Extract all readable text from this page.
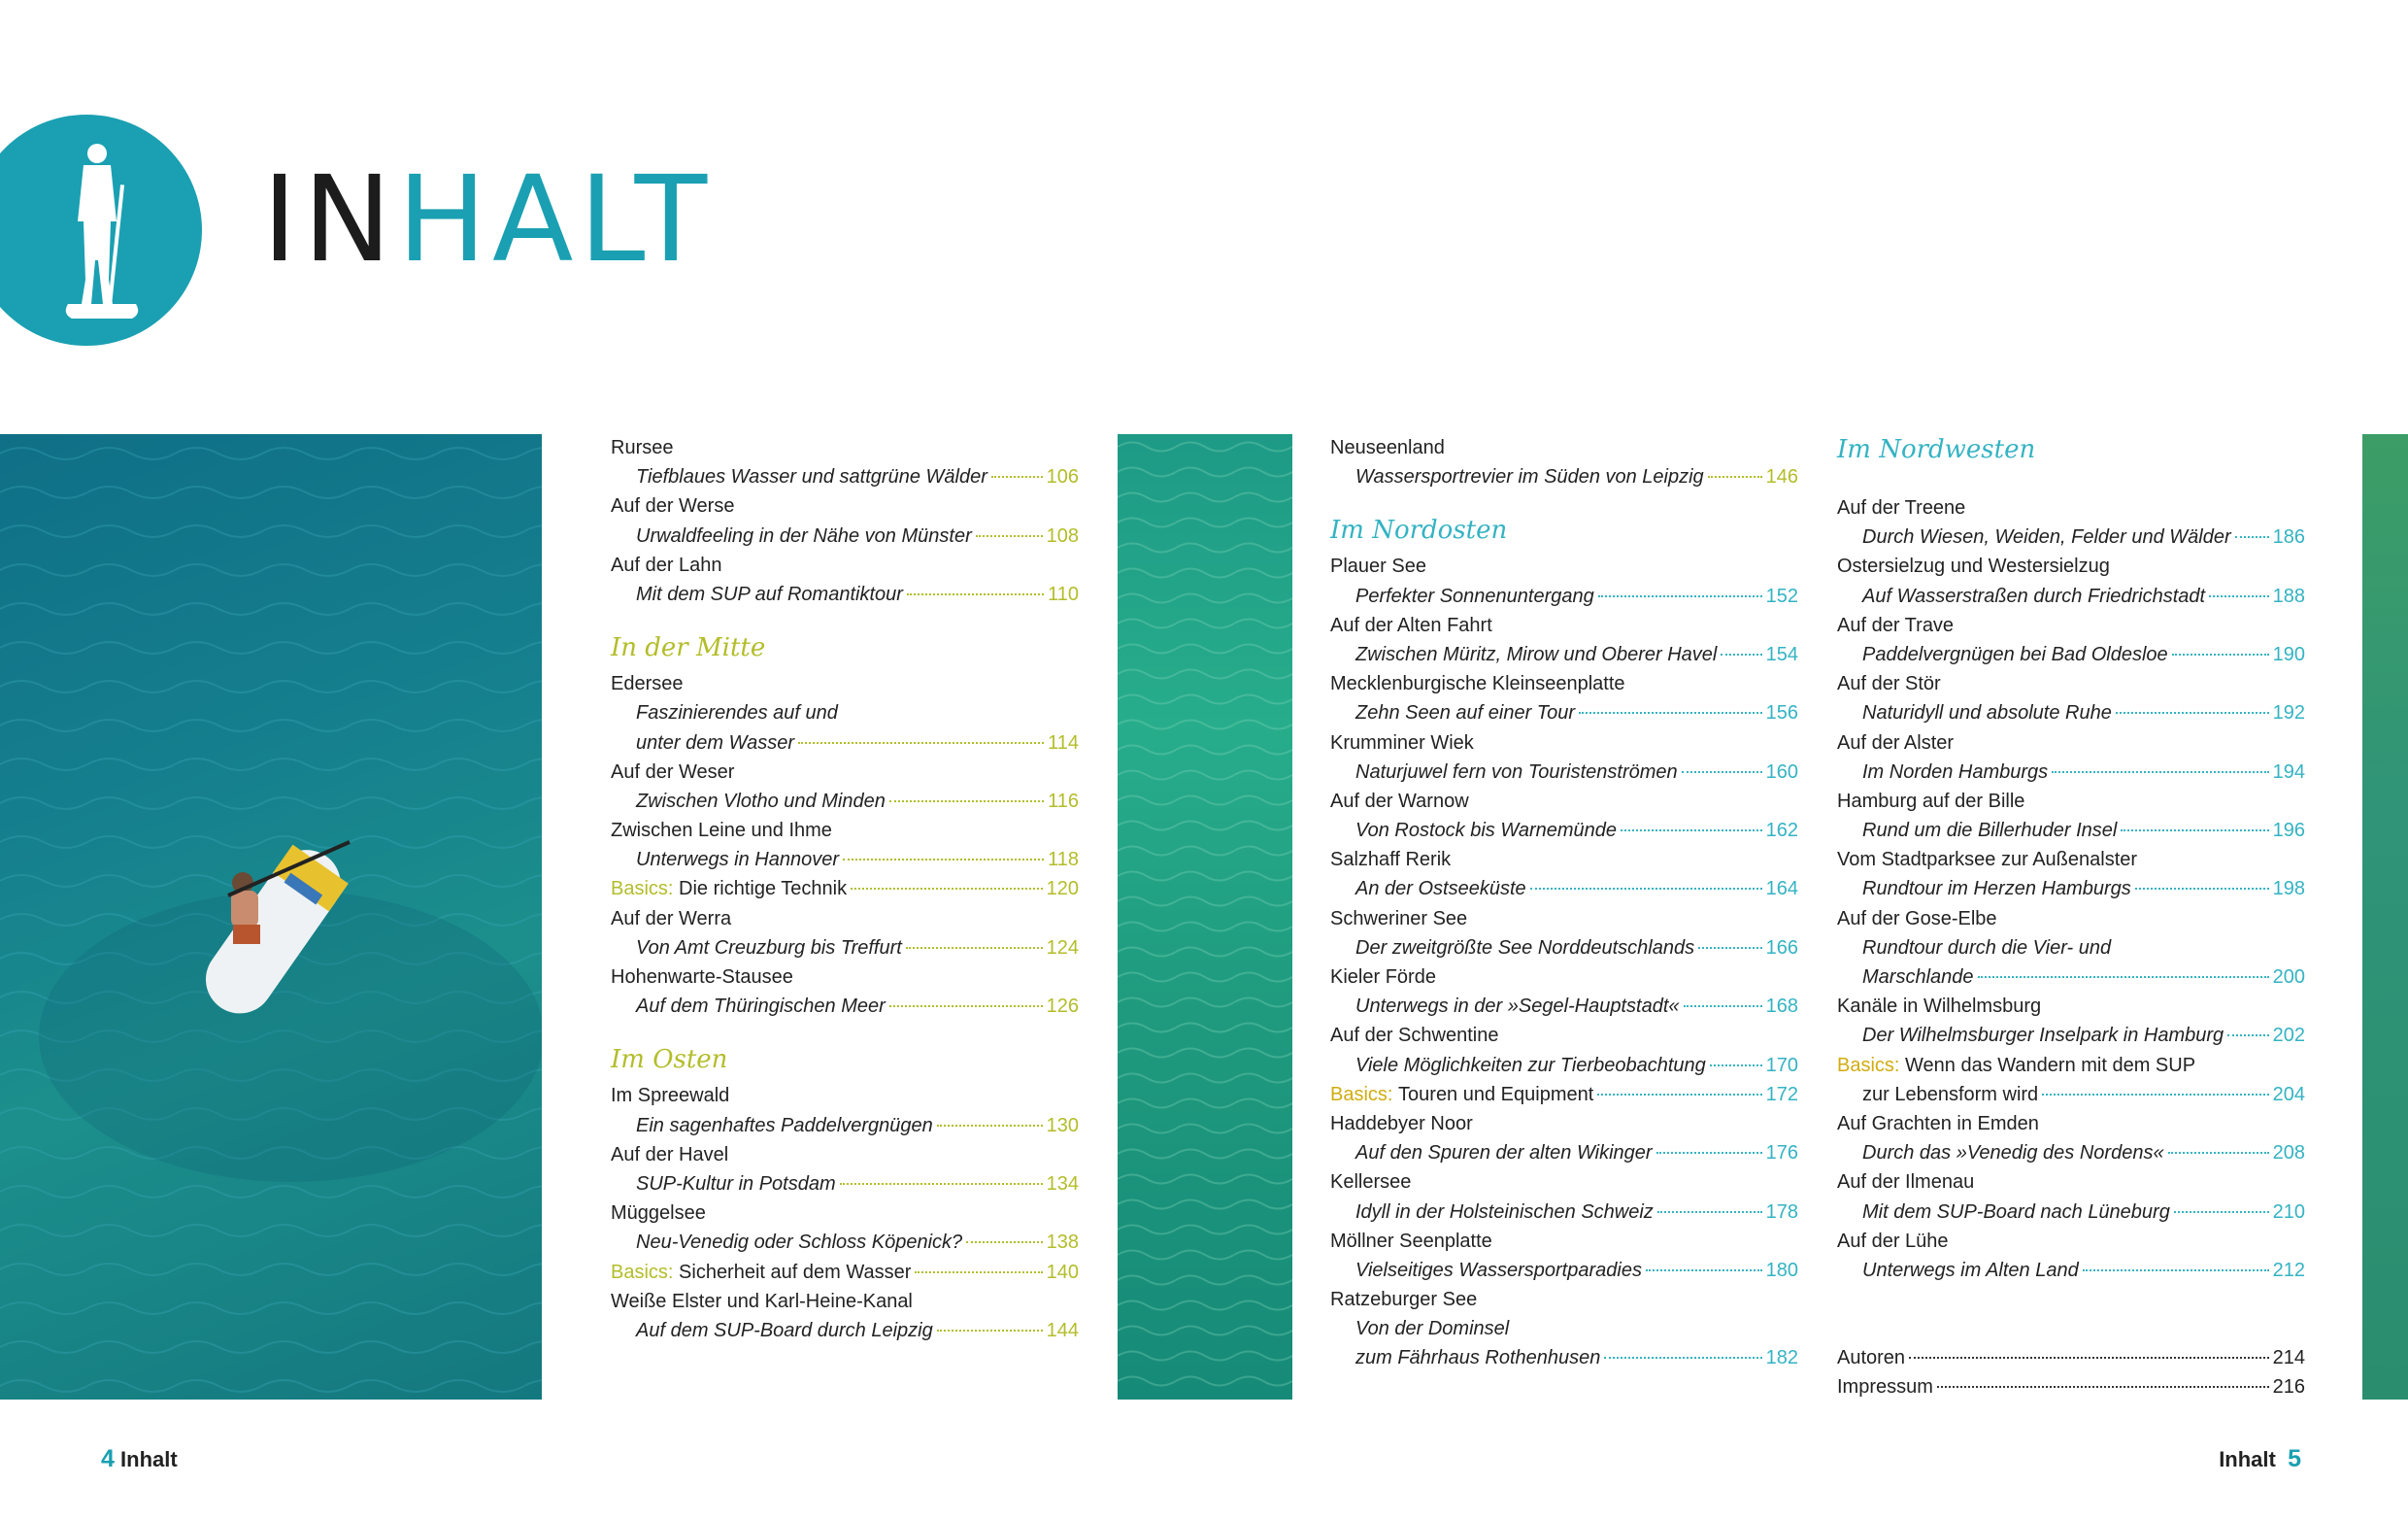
INHALT
Rursee
Tiefblaues Wasser und sattgrüne Wälder	106
Auf der Werse
Urwaldfeeling in der Nähe von Münster	108
Auf der Lahn
Mit dem SUP auf Romantiktour	110
In der Mitte
Edersee
Faszinierendes auf und
unter dem Wasser	114
Auf der Weser
Zwischen Vlotho und Minden	116
Zwischen Leine und Ihme
Unterwegs in Hannover	118
Basics:
Die richtige Technik	120
Auf der Werra
Von Amt Creuzburg bis Treffurt	124
Hohenwarte-Stausee
Auf dem Thüringischen Meer	126
Im Osten
Im Spreewald
Ein sagenhaftes Paddelvergnügen	130
Auf der Havel
SUP-Kultur in Potsdam	134
Müggelsee
Neu-Venedig oder Schloss Köpenick?	138
Basics:
Sicherheit auf dem Wasser	140
Weiße Elster und Karl-Heine-Kanal
Auf dem SUP-Board durch Leipzig	144
Neuseenland
Wassersportrevier im Süden von Leipzig	146
Im Nordosten
Plauer See
Perfekter Sonnenuntergang	152
Auf der Alten Fahrt
Zwischen Müritz, Mirow und Oberer Havel	154
Mecklenburgische Kleinseenplatte
Zehn Seen auf einer Tour	156
Krumminer Wiek
Naturjuwel fern von Touristenströmen	160
Auf der Warnow
Von Rostock bis Warnemünde	162
Salzhaff Rerik
An der Ostseeküste	164
Schweriner See
Der zweitgrößte See Norddeutschlands	166
Kieler Förde
Unterwegs in der »Segel-Hauptstadt«	168
Auf der Schwentine
Viele Möglichkeiten zur Tierbeobachtung	170
Basics:
Touren und Equipment	172
Haddebyer Noor
Auf den Spuren der alten Wikinger	176
Kellersee
Idyll in der Holsteinischen Schweiz	178
Möllner Seenplatte
Vielseitiges Wassersportparadies	180
Ratzeburger See
Von der Dominsel
zum Fährhaus Rothenhusen	182
Im Nordwesten
Auf der Treene
Durch Wiesen, Weiden, Felder und Wälder 186
Ostersielzug und Westersielzug
Auf Wasserstraßen durch Friedrichstadt	188
Auf der Trave
Paddelvergnügen bei Bad Oldesloe	190
Auf der Stör
Naturidyll und absolute Ruhe	192
Auf der Alster
Im Norden Hamburgs	194
Hamburg auf der Bille
Rund um die Billerhuder Insel	196
Vom Stadtparksee zur Außenalster
Rundtour im Herzen Hamburgs	198
Auf der Gose-Elbe
Rundtour durch die Vier- und
Marschlande	200
Kanäle in Wilhelmsburg
Der Wilhelmsburger Inselpark in Hamburg	202
Basics: Wenn das Wandern mit dem SUP
zur Lebensform wird	204
Auf Grachten in Emden
Durch das »Venedig des Nordens«	208
Auf der Ilmenau
Mit dem SUP-Board nach Lüneburg	210
Auf der Lühe
Unterwegs im Alten Land	212
Autoren	214
Impressum	216
4 Inhalt	Inhalt 5
